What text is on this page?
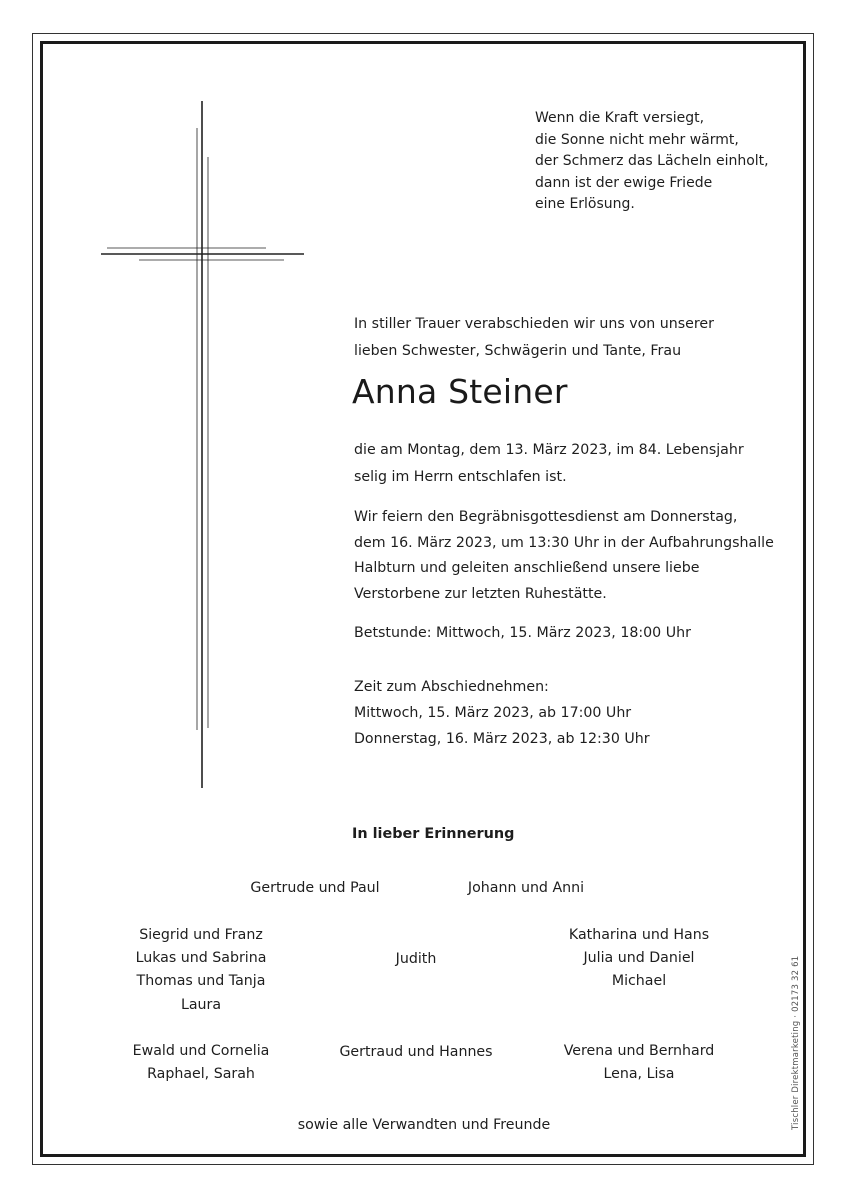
Wenn die Kraft versiegt,
die Sonne nicht mehr wärmt,
der Schmerz das Lächeln einholt,
dann ist der ewige Friede
eine Erlösung.
In stiller Trauer verabschieden wir uns von unserer
lieben Schwester, Schwägerin und Tante, Frau
Anna Steiner
die am Montag, dem 13. März 2023, im 84. Lebensjahr
selig im Herrn entschlafen ist.
Wir feiern den Begräbnisgottesdienst am Donnerstag,
dem 16. März 2023, um 13:30 Uhr in der Aufbahrungshalle
Halbturn und geleiten anschließend unsere liebe
Verstorbene zur letzten Ruhestätte.
Betstunde: Mittwoch, 15. März 2023, 18:00 Uhr
Zeit zum Abschiednehmen:
Mittwoch, 15. März 2023, ab 17:00 Uhr
Donnerstag, 16. März 2023, ab 12:30 Uhr
In lieber Erinnerung
Gertrude und Paul	Johann und Anni
Siegrid und Franz
Lukas und Sabrina
Thomas und Tanja
Laura
Judith
Katharina und Hans
Julia und Daniel
Michael
Ewald und Cornelia
Raphael, Sarah
Gertraud und Hannes	Verena und Bernhard
Lena, Lisa
sowie alle Verwandten und Freunde	Tischler Direktmarketing · 02173 32 61
